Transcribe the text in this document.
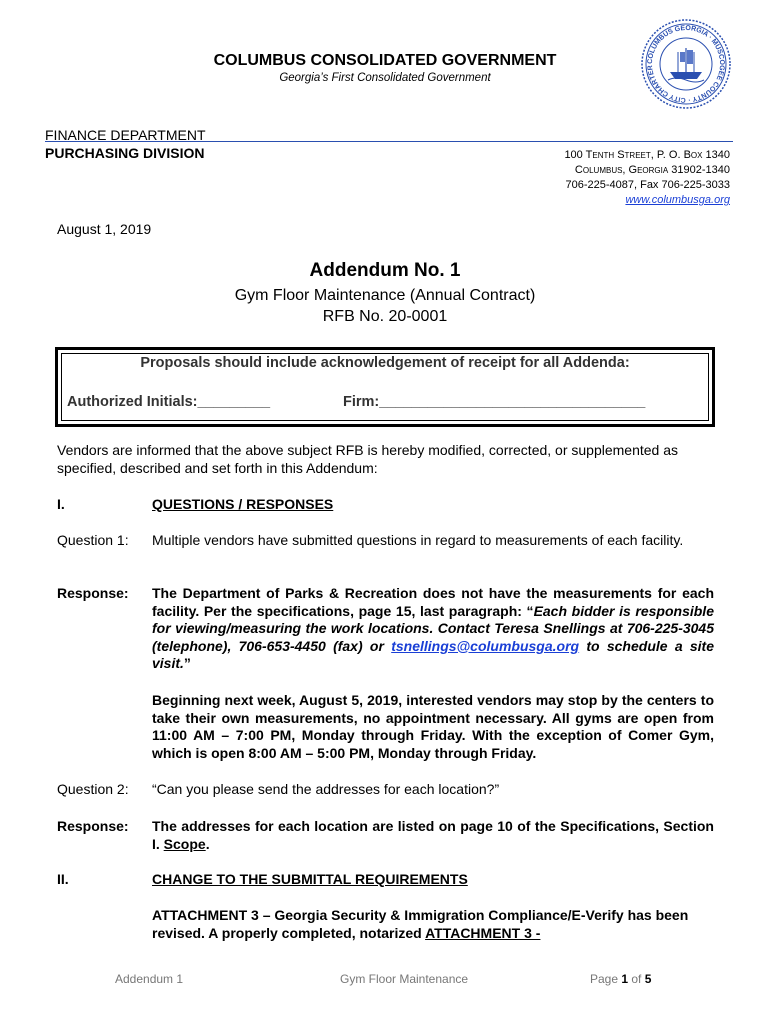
COLUMBUS CONSOLIDATED GOVERNMENT
Georgia’s First Consolidated Government
COLUMBUS GEORGIA · MUSCOGEE COUNTY · CITY CHARTER
FINANCE DEPARTMENT
PURCHASING DIVISION	100 Tenth Street, P. O. Box 1340
Columbus, Georgia 31902-1340
706-225-4087, Fax 706-225-3033
www.columbusga.org
August 1, 2019
Addendum No. 1
Gym Floor Maintenance (Annual Contract)
RFB No. 20-0001
Proposals should include acknowledgement of receipt for all Addenda:
Authorized Initials:_________	Firm:_________________________________
Vendors are informed that the above subject RFB is hereby modified, corrected, or supplemented as specified, described and set forth in this Addendum:
I.	QUESTIONS / RESPONSES
Question 1: Multiple vendors have submitted questions in regard to measurements of each facility.
Response: The Department of Parks & Recreation does not have the measurements for each facility. Per the specifications, page 15, last paragraph: “Each bidder is responsible for viewing/measuring the work locations. Contact Teresa Snellings at 706-225-3045 (telephone), 706-653-4450 (fax) or tsnellings@columbusga.org to schedule a site visit.”
Beginning next week, August 5, 2019, interested vendors may stop by the centers to take their own measurements, no appointment necessary. All gyms are open from 11:00 AM – 7:00 PM, Monday through Friday. With the exception of Comer Gym, which is open 8:00 AM – 5:00 PM, Monday through Friday.
Question 2: “Can you please send the addresses for each location?”
Response: The addresses for each location are listed on page 10 of the Specifications, Section I. Scope.
II.	CHANGE TO THE SUBMITTAL REQUIREMENTS
ATTACHMENT 3 – Georgia Security & Immigration Compliance/E-Verify has been revised. A properly completed, notarized ATTACHMENT 3 -
Addendum 1	Gym Floor Maintenance	Page 1 of 5
